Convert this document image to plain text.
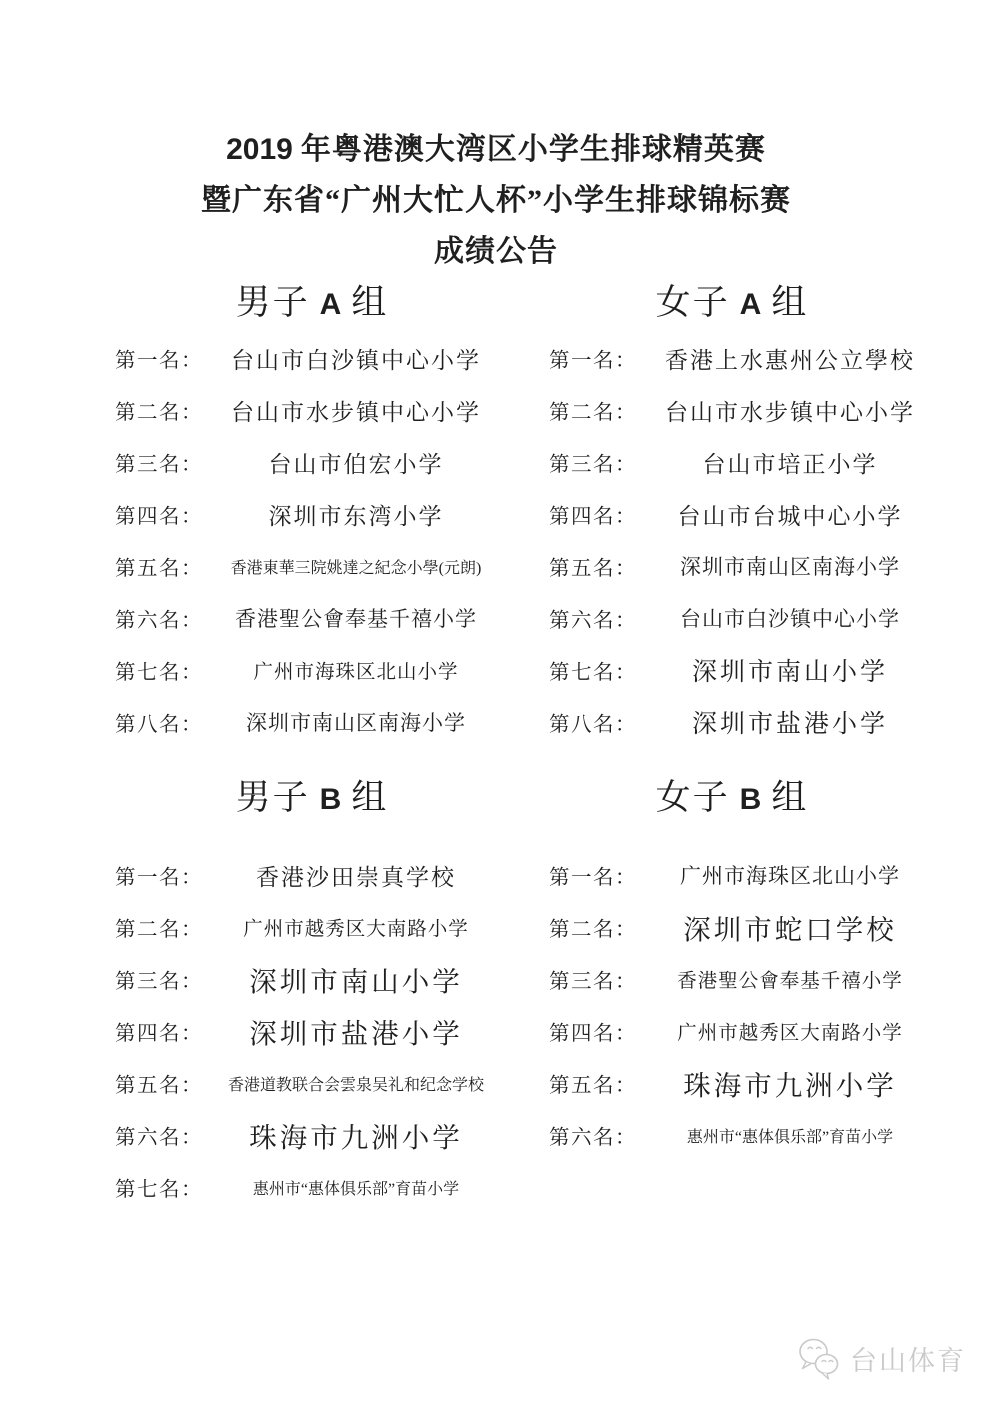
2019 年粤港澳大湾区小学生排球精英赛
暨广东省“广州大忙人杯”小学生排球锦标赛
成绩公告
男子 A 组
第一名：	台山市白沙镇中心小学
第二名：	台山市水步镇中心小学
第三名：	台山市伯宏小学
第四名：	深圳市东湾小学
第五名：	香港東華三院姚達之紀念小學(元朗)
第六名：	香港聖公會奉基千禧小学
第七名：	广州市海珠区北山小学
第八名：	深圳市南山区南海小学
女子 A 组
第一名：	香港上水惠州公立學校
第二名：	台山市水步镇中心小学
第三名：	台山市培正小学
第四名：	台山市台城中心小学
第五名：	深圳市南山区南海小学
第六名：	台山市白沙镇中心小学
第七名：	深圳市南山小学
第八名：	深圳市盐港小学
男子 B 组
第一名：	香港沙田崇真学校
第二名：	广州市越秀区大南路小学
第三名：	深圳市南山小学
第四名：	深圳市盐港小学
第五名：	香港道教联合会雲泉吴礼和纪念学校
第六名：	珠海市九洲小学
第七名：	惠州市“惠体俱乐部”育苗小学
女子 B 组
第一名：	广州市海珠区北山小学
第二名：	深圳市蛇口学校
第三名：	香港聖公會奉基千禧小学
第四名：	广州市越秀区大南路小学
第五名：	珠海市九洲小学
第六名：	惠州市“惠体俱乐部”育苗小学
台山体育
